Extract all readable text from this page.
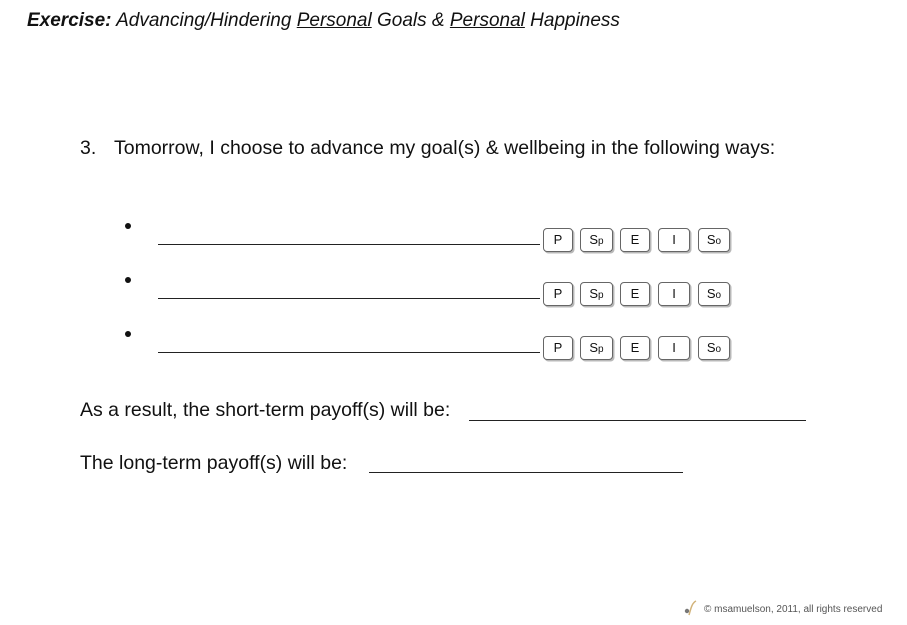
Exercise: Advancing/Hindering Personal Goals & Personal Happiness
3. Tomorrow, I choose to advance my goal(s) & wellbeing in the following ways:
P	Sp	E	I	So
P	Sp	E	I	So
P	Sp	E	I	So
As a result, the short-term payoff(s) will be:
The long-term payoff(s) will be:
© msamuelson, 2011, all rights reserved
